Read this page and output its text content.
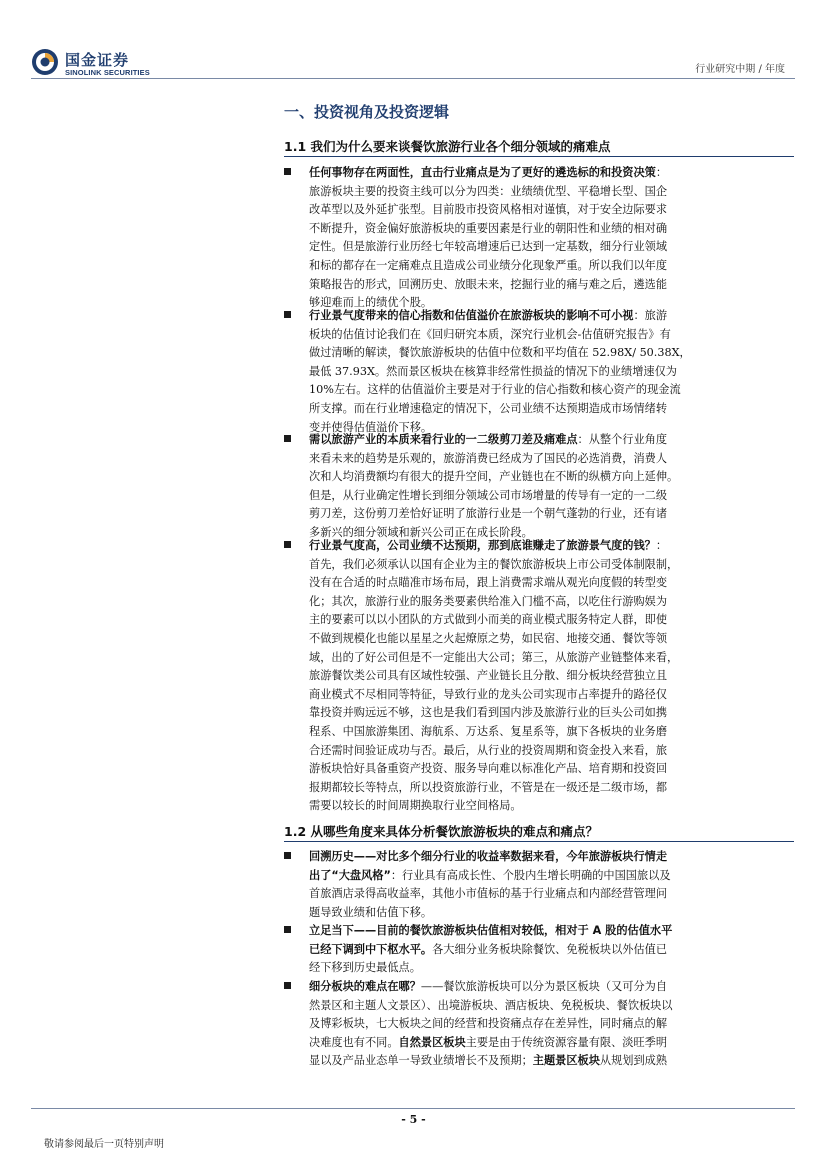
国金证券
SINOLINK SECURITIES	行业研究中期 / 年度
一、投资视角及投资逻辑
1.1 我们为什么要来谈餐饮旅游行业各个细分领域的痛难点
任何事物存在两面性，直击行业痛点是为了更好的遴选标的和投资决策：
旅游板块主要的投资主线可以分为四类：业绩绩优型、平稳增长型、国企
改革型以及外延扩张型。目前股市投资风格相对谨慎，对于安全边际要求
不断提升，资金偏好旅游板块的重要因素是行业的朝阳性和业绩的相对确
定性。但是旅游行业历经七年较高增速后已达到一定基数，细分行业领域
和标的都存在一定痛难点且造成公司业绩分化现象严重。所以我们以年度
策略报告的形式，回溯历史、放眼未来，挖掘行业的痛与难之后，遴选能
够迎难而上的绩优个股。
行业景气度带来的信心指数和估值溢价在旅游板块的影响不可小视：旅游
板块的估值讨论我们在《回归研究本质，深究行业机会-估值研究报告》有
做过清晰的解读，餐饮旅游板块的估值中位数和平均值在 52.98X/ 50.38X，
最低 37.93X。然而景区板块在核算非经常性损益的情况下的业绩增速仅为
10%左右。这样的估值溢价主要是对于行业的信心指数和核心资产的现金流
所支撑。而在行业增速稳定的情况下，公司业绩不达预期造成市场情绪转
变并使得估值溢价下移。
需以旅游产业的本质来看行业的一二级剪刀差及痛难点：从整个行业角度
来看未来的趋势是乐观的，旅游消费已经成为了国民的必选消费，消费人
次和人均消费额均有很大的提升空间，产业链也在不断的纵横方向上延伸。
但是，从行业确定性增长到细分领域公司市场增量的传导有一定的一二级
剪刀差，这份剪刀差恰好证明了旅游行业是一个朝气蓬勃的行业，还有诸
多新兴的细分领域和新兴公司正在成长阶段。
行业景气度高，公司业绩不达预期，那到底谁赚走了旅游景气度的钱？：
首先，我们必须承认以国有企业为主的餐饮旅游板块上市公司受体制限制，
没有在合适的时点瞄准市场布局，跟上消费需求端从观光向度假的转型变
化；其次，旅游行业的服务类要素供给准入门槛不高，以吃住行游购娱为
主的要素可以以小团队的方式做到小而美的商业模式服务特定人群，即使
不做到规模化也能以星星之火起燎原之势，如民宿、地接交通、餐饮等领
域，出的了好公司但是不一定能出大公司；第三，从旅游产业链整体来看，
旅游餐饮类公司具有区域性较强、产业链长且分散、细分板块经营独立且
商业模式不尽相同等特征，导致行业的龙头公司实现市占率提升的路径仅
靠投资并购远远不够，这也是我们看到国内涉及旅游行业的巨头公司如携
程系、中国旅游集团、海航系、万达系、复星系等，旗下各板块的业务磨
合还需时间验证成功与否。最后，从行业的投资周期和资金投入来看，旅
游板块恰好具备重资产投资、服务导向难以标准化产品、培育期和投资回
报期都较长等特点，所以投资旅游行业，不管是在一级还是二级市场，都
需要以较长的时间周期换取行业空间格局。
1.2 从哪些角度来具体分析餐饮旅游板块的难点和痛点？
回溯历史——对比多个细分行业的收益率数据来看，今年旅游板块行情走
出了“大盘风格”：行业具有高成长性、个股内生增长明确的中国国旅以及
首旅酒店录得高收益率，其他小市值标的基于行业痛点和内部经营管理问
题导致业绩和估值下移。
立足当下——目前的餐饮旅游板块估值相对较低，相对于 A 股的估值水平
已经下调到中下枢水平。各大细分业务板块除餐饮、免税板块以外估值已
经下移到历史最低点。
细分板块的难点在哪？——餐饮旅游板块可以分为景区板块（又可分为自
然景区和主题人文景区）、出境游板块、酒店板块、免税板块、餐饮板块以
及博彩板块，七大板块之间的经营和投资痛点存在差异性，同时痛点的解
决难度也有不同。自然景区板块主要是由于传统资源容量有限、淡旺季明
显以及产品业态单一导致业绩增长不及预期；主题景区板块从规划到成熟
- 5 -
敬请参阅最后一页特别声明
